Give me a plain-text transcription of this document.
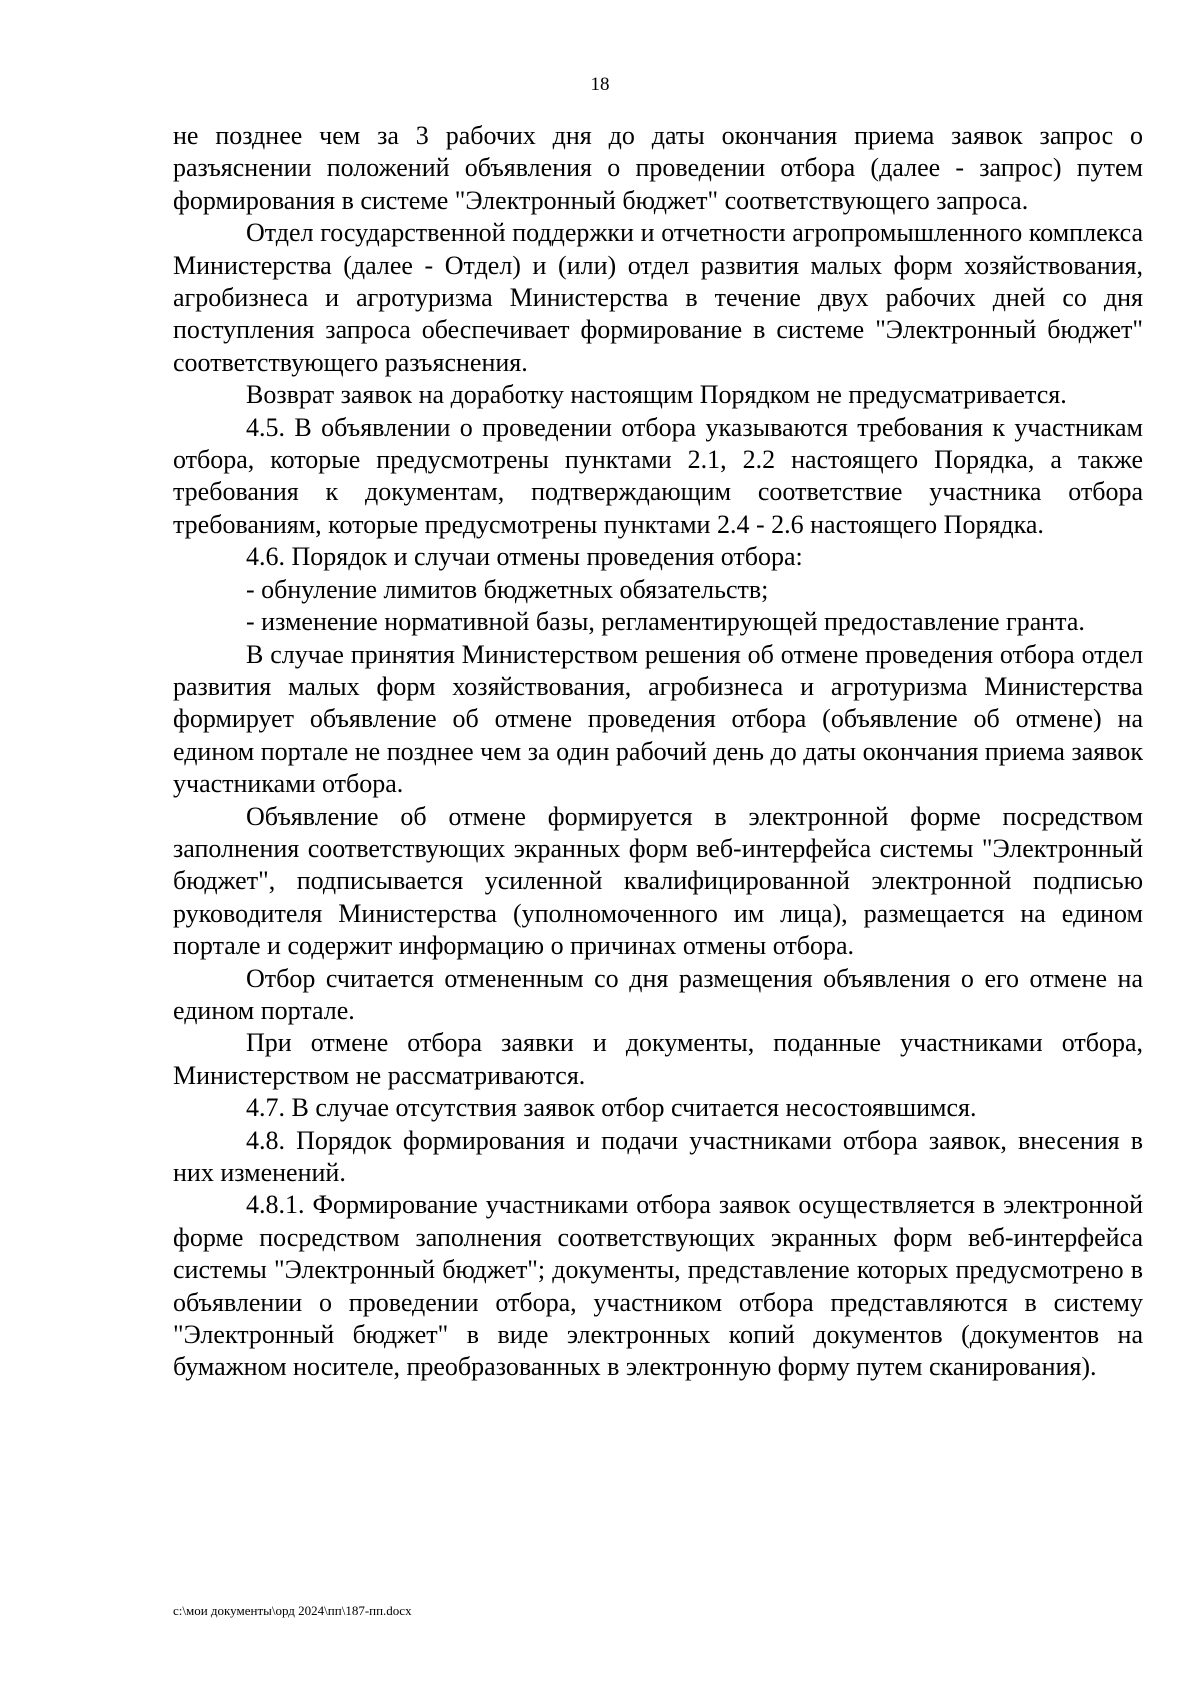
18

не позднее чем за 3 рабочих дня до даты окончания приема заявок запрос о разъяснении положений объявления о проведении отбора (далее - запрос) путем формирования в системе "Электронный бюджет" соответствующего запроса.

Отдел государственной поддержки и отчетности агропромышленного комплекса Министерства (далее - Отдел) и (или) отдел развития малых форм хозяйствования, агробизнеса и агротуризма Министерства в течение двух рабочих дней со дня поступления запроса обеспечивает формирование в системе "Электронный бюджет" соответствующего разъяснения.

Возврат заявок на доработку настоящим Порядком не предусматривается.

4.5. В объявлении о проведении отбора указываются требования к участникам отбора, которые предусмотрены пунктами 2.1, 2.2 настоящего Порядка, а также требования к документам, подтверждающим соответствие участника отбора требованиям, которые предусмотрены пунктами 2.4 - 2.6 настоящего Порядка.

4.6. Порядок и случаи отмены проведения отбора:

- обнуление лимитов бюджетных обязательств;

- изменение нормативной базы, регламентирующей предоставление гранта.

В случае принятия Министерством решения об отмене проведения отбора отдел развития малых форм хозяйствования, агробизнеса и агротуризма Министерства формирует объявление об отмене проведения отбора (объявление об отмене) на едином портале не позднее чем за один рабочий день до даты окончания приема заявок участниками отбора.

Объявление об отмене формируется в электронной форме посредством заполнения соответствующих экранных форм веб-интерфейса системы "Электронный бюджет", подписывается усиленной квалифицированной электронной подписью руководителя Министерства (уполномоченного им лица), размещается на едином портале и содержит информацию о причинах отмены отбора.

Отбор считается отмененным со дня размещения объявления о его отмене на едином портале.

При отмене отбора заявки и документы, поданные участниками отбора, Министерством не рассматриваются.

4.7. В случае отсутствия заявок отбор считается несостоявшимся.

4.8. Порядок формирования и подачи участниками отбора заявок, внесения в них изменений.

4.8.1. Формирование участниками отбора заявок осуществляется в электронной форме посредством заполнения соответствующих экранных форм веб-интерфейса системы "Электронный бюджет"; документы, представление которых предусмотрено в объявлении о проведении отбора, участником отбора представляются в систему "Электронный бюджет" в виде электронных копий документов (документов на бумажном носителе, преобразованных в электронную форму путем сканирования).

c:\мои документы\орд 2024\пп\187-пп.docx
